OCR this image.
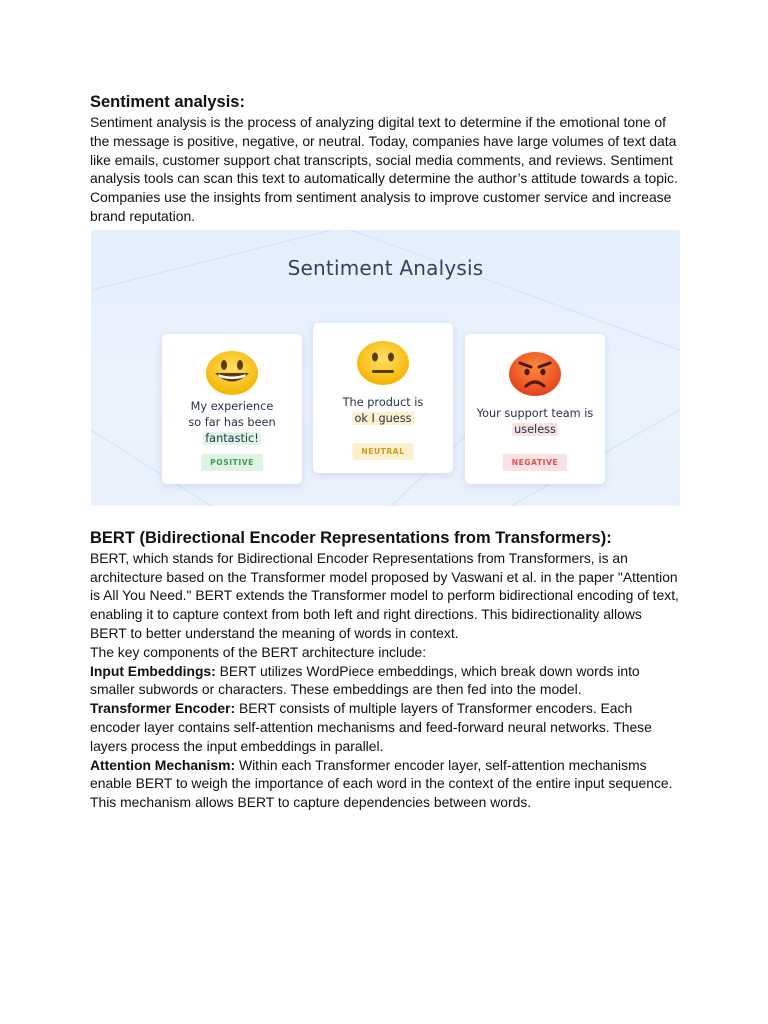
Sentiment analysis:

Sentiment analysis is the process of analyzing digital text to determine if the emotional tone of the message is positive, negative, or neutral. Today, companies have large volumes of text data like emails, customer support chat transcripts, social media comments, and reviews. Sentiment analysis tools can scan this text to automatically determine the author’s attitude towards a topic. Companies use the insights from sentiment analysis to improve customer service and increase brand reputation.

Sentiment Analysis
My experience
so far has been
fantastic!
POSITIVE
The product is
ok I guess
NEUTRAL
Your support team is
useless
NEGATIVE
BERT (Bidirectional Encoder Representations from Transformers):

BERT, which stands for Bidirectional Encoder Representations from Transformers, is an architecture based on the Transformer model proposed by Vaswani et al. in the paper "Attention is All You Need." BERT extends the Transformer model to perform bidirectional encoding of text, enabling it to capture context from both left and right directions. This bidirectionality allows BERT to better understand the meaning of words in context.

The key components of the BERT architecture include:

Input Embeddings: BERT utilizes WordPiece embeddings, which break down words into smaller subwords or characters. These embeddings are then fed into the model.

Transformer Encoder: BERT consists of multiple layers of Transformer encoders. Each encoder layer contains self-attention mechanisms and feed-forward neural networks. These layers process the input embeddings in parallel.

Attention Mechanism: Within each Transformer encoder layer, self-attention mechanisms enable BERT to weigh the importance of each word in the context of the entire input sequence. This mechanism allows BERT to capture dependencies between words.
